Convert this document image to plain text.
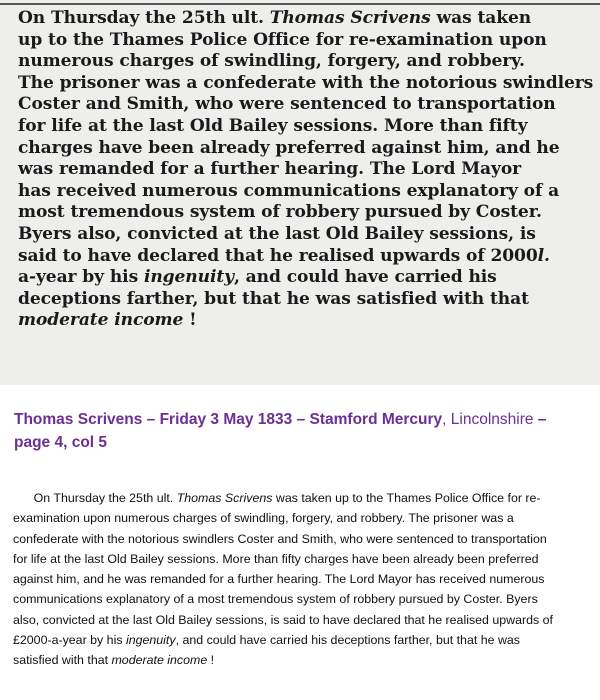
On Thursday the 25th ult. Thomas Scrivens was taken
up to the Thames Police Office for re-examination upon
numerous charges of swindling, forgery, and robbery.
The prisoner was a confederate with the notorious swindlers
Coster and Smith, who were sentenced to transportation
for life at the last Old Bailey sessions. More than fifty
charges have been already preferred against him, and he
was remanded for a further hearing. The Lord Mayor
has received numerous communications explanatory of a
most tremendous system of robbery pursued by Coster.
Byers also, convicted at the last Old Bailey sessions, is
said to have declared that he realised upwards of 2000l.
a-year by his ingenuity, and could have carried his
deceptions farther, but that he was satisfied with that
moderate income !
Thomas Scrivens – Friday 3 May 1833 – Stamford Mercury, Lincolnshire –
page 4, col 5
On Thursday the 25th ult. Thomas Scrivens was taken up to the Thames Police Office for re-
examination upon numerous charges of swindling, forgery, and robbery. The prisoner was a
confederate with the notorious swindlers Coster and Smith, who were sentenced to transportation
for life at the last Old Bailey sessions. More than fifty charges have been already been preferred
against him, and he was remanded for a further hearing. The Lord Mayor has received numerous
communications explanatory of a most tremendous system of robbery pursued by Coster. Byers
also, convicted at the last Old Bailey sessions, is said to have declared that he realised upwards of
£2000-a-year by his ingenuity, and could have carried his deceptions farther, but that he was
satisfied with that moderate income !
